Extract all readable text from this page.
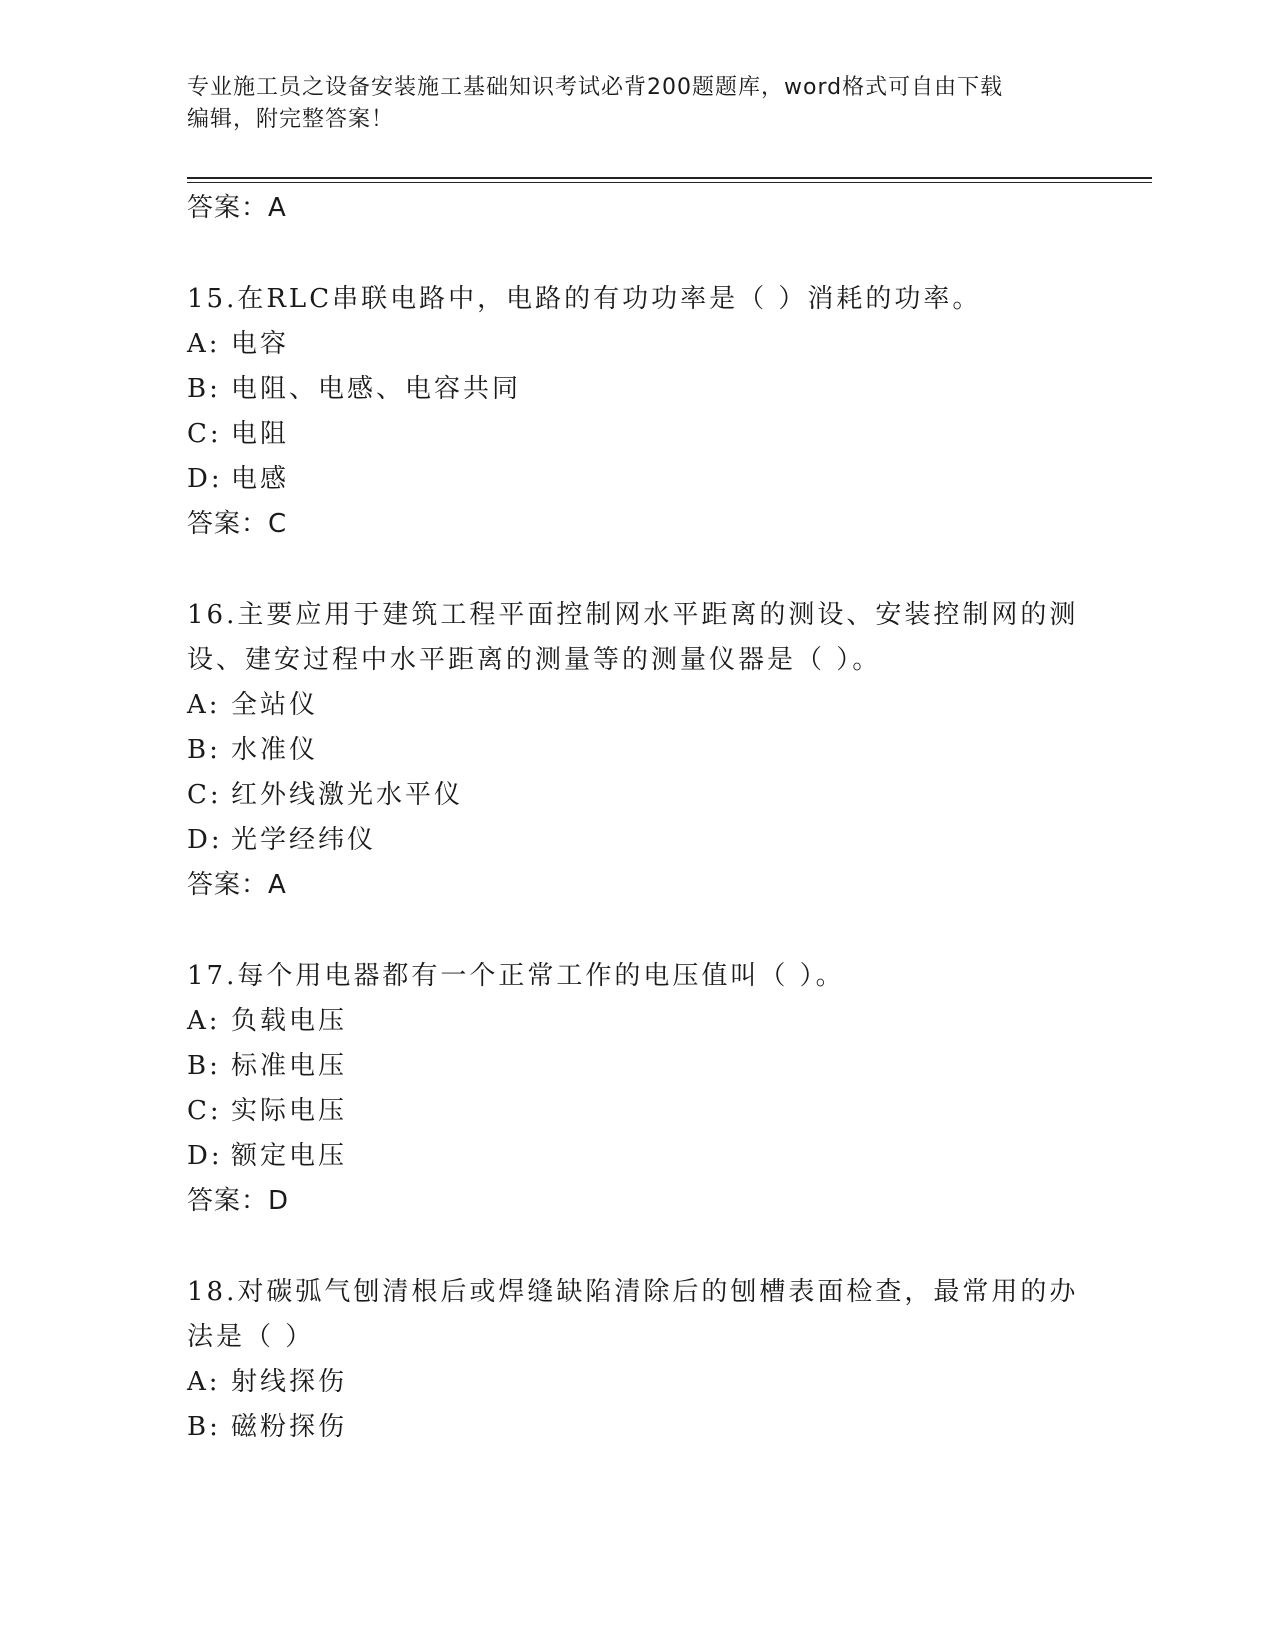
专业施工员之设备安装施工基础知识考试必背200题题库，word格式可自由下载
编辑，附完整答案！
答案：A
15.在RLC串联电路中，电路的有功功率是（ ）消耗的功率。
A: 电容
B: 电阻、电感、电容共同
C: 电阻
D: 电感
答案：C
16.主要应用于建筑工程平面控制网水平距离的测设、安装控制网的测
设、建安过程中水平距离的测量等的测量仪器是（ ）。
A: 全站仪
B: 水准仪
C: 红外线激光水平仪
D: 光学经纬仪
答案：A
17.每个用电器都有一个正常工作的电压值叫（ ）。
A: 负载电压
B: 标准电压
C: 实际电压
D: 额定电压
答案：D
18.对碳弧气刨清根后或焊缝缺陷清除后的刨槽表面检查，最常用的办
法是（ ）
A: 射线探伤
B: 磁粉探伤
